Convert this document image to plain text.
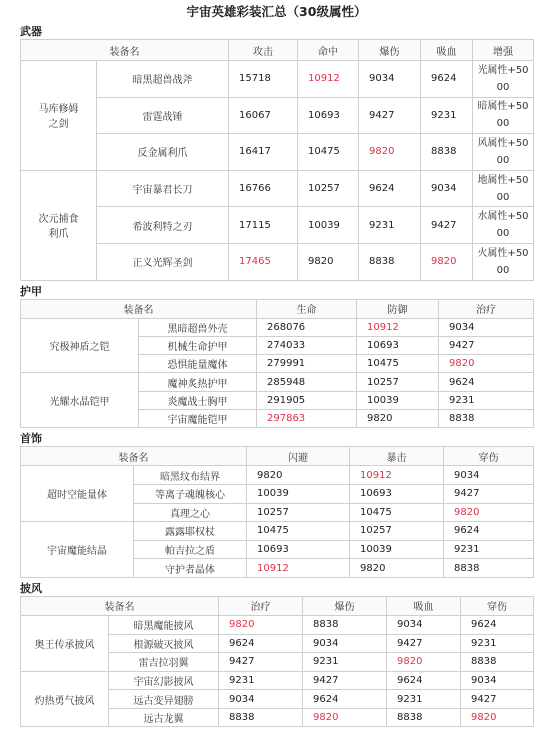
宇宙英雄彩装汇总（30级属性）
武器
装备名		攻击	命中	爆伤	吸血	增强
马库修姆之剑	暗黑超兽战斧	15718	10912	9034	9624	光属性+5000
	雷霆战锤	16067	10693	9427	9231	暗属性+5000
	反金属利爪	16417	10475	9820	8838	风属性+5000
次元捕食利爪	宇宙暴君长刀	16766	10257	9624	9034	地属性+5000
	希波利特之刃	17115	10039	9231	9427	水属性+5000
	正义光辉圣剑	17465	9820	8838	9820	火属性+5000
护甲
装备名		生命	防御	治疗
究极神盾之铠	黑暗超兽外壳	268076	10912	9034
	机械生命护甲	274033	10693	9427
	恐惧能量魔体	279991	10475	9820
光耀水晶铠甲	魔神炙热护甲	285948	10257	9624
	炎魔战士胸甲	291905	10039	9231
	宇宙魔能铠甲	297863	9820	8838
首饰
装备名		闪避	暴击	穿伤
超时空能量体	暗黑纹布结界	9820	10912	9034
	等离子魂魄核心	10039	10693	9427
	真理之心	10257	10475	9820
宇宙魔能结晶	露露耶权杖	10475	10257	9624
	帕吉拉之盾	10693	10039	9231
	守护者晶体	10912	9820	8838
披风
装备名		治疗	爆伤	吸血	穿伤
奥王传承披风	暗黑魔能披风	9820	8838	9034	9624
	根源破灭披风	9624	9034	9427	9231
	雷吉拉羽翼	9427	9231	9820	8838
灼热勇气披风	宇宙幻影披风	9231	9427	9624	9034
	远古变异翅膀	9034	9624	9231	9427
	远古龙翼	8838	9820	8838	9820
